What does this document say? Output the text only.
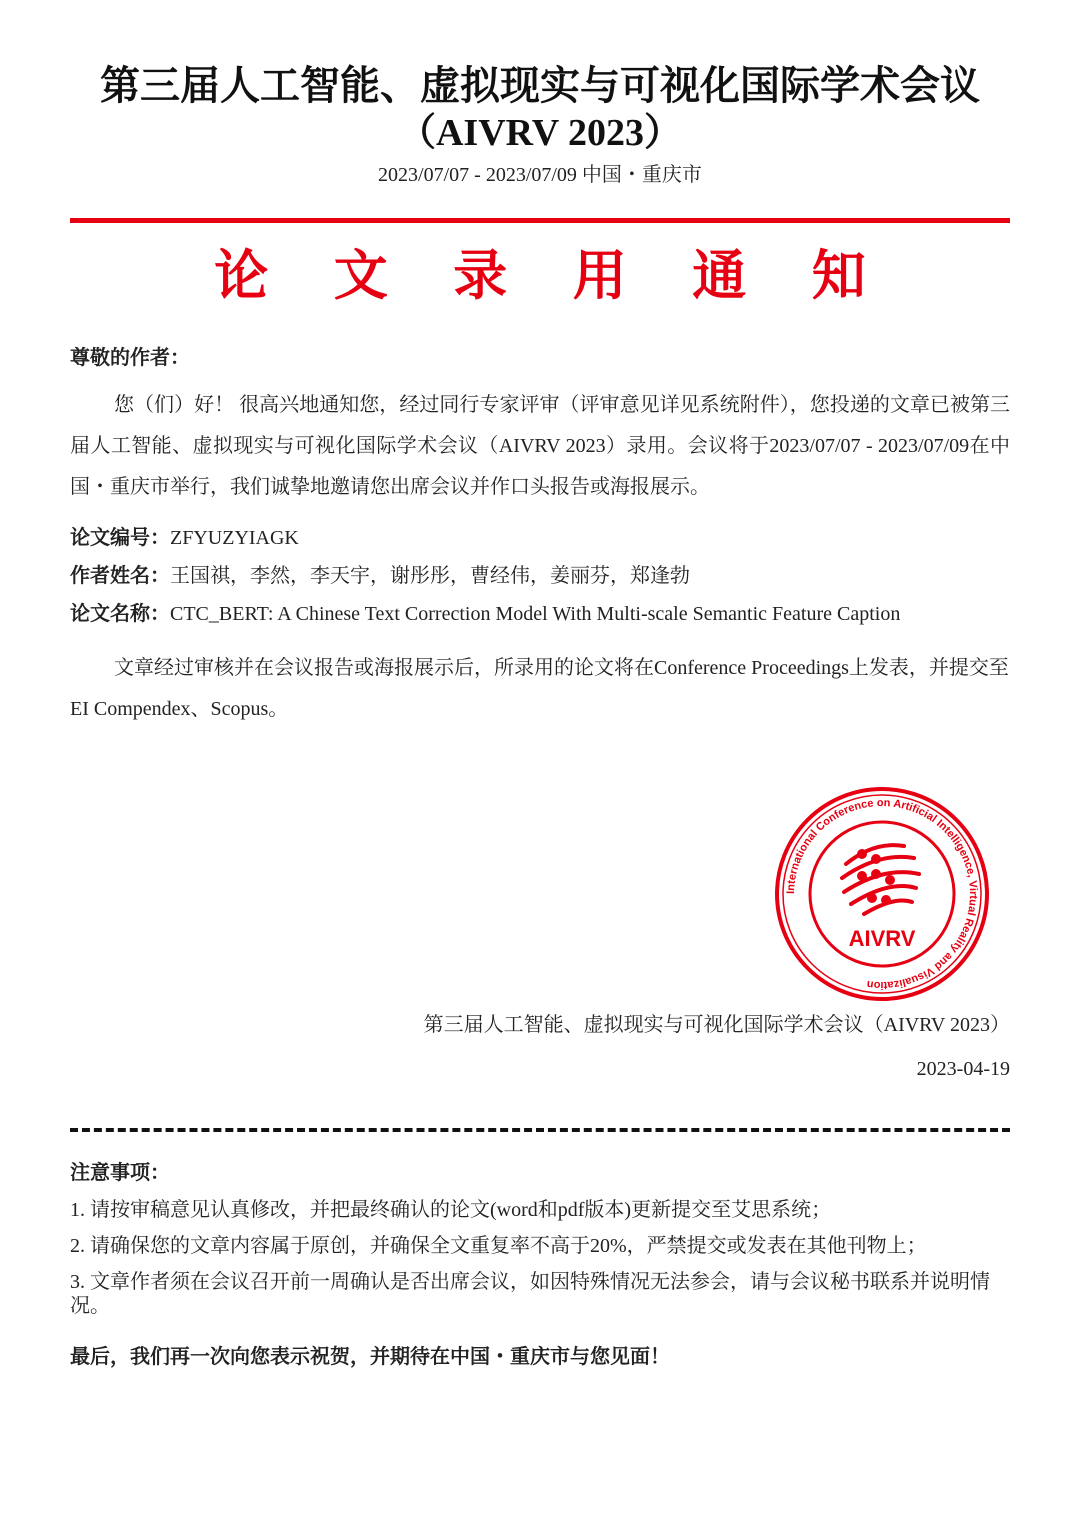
第三届人工智能、虚拟现实与可视化国际学术会议
（AIVRV 2023）
2023/07/07 - 2023/07/09 中国・重庆市
论 文 录 用 通 知
尊敬的作者：
您（们）好！ 很高兴地通知您，经过同行专家评审（评审意见详见系统附件），您投递的文章已被第三届人工智能、虚拟现实与可视化国际学术会议（AIVRV 2023）录用。会议将于2023/07/07 - 2023/07/09在中国・重庆市举行，我们诚挚地邀请您出席会议并作口头报告或海报展示。
论文编号：ZFYUZYIAGK
作者姓名：王国祺，李然，李天宇，谢彤彤，曹经伟，姜丽芬，郑逢勃
论文名称：CTC_BERT: A Chinese Text Correction Model With Multi-scale Semantic Feature Caption
文章经过审核并在会议报告或海报展示后，所录用的论文将在Conference Proceedings上发表，并提交至EI Compendex、Scopus。
International Conference on Artificial Intelligence, Virtual Reality and Visualization
AIVRV
第三届人工智能、虚拟现实与可视化国际学术会议（AIVRV 2023）
2023-04-19
注意事项：
1. 请按审稿意见认真修改，并把最终确认的论文(word和pdf版本)更新提交至艾思系统；
2. 请确保您的文章内容属于原创，并确保全文重复率不高于20%，严禁提交或发表在其他刊物上；
3. 文章作者须在会议召开前一周确认是否出席会议，如因特殊情况无法参会，请与会议秘书联系并说明情况。
最后，我们再一次向您表示祝贺，并期待在中国・重庆市与您见面！
